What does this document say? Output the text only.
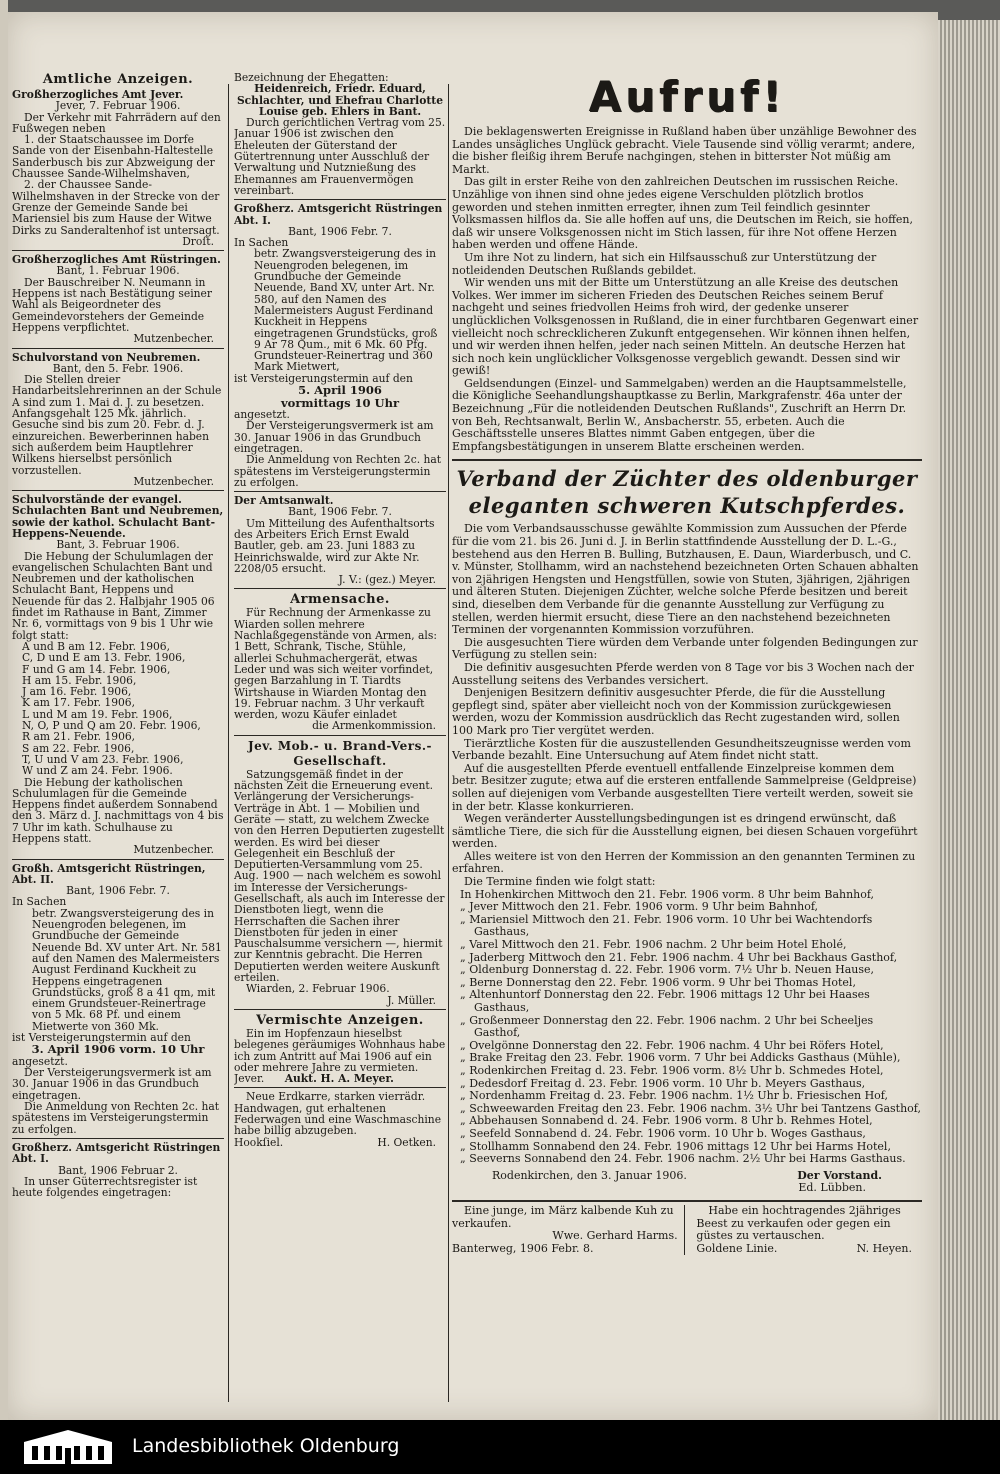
Amtliche Anzeigen.

Großherzogliches Amt Jever.

Jever, 7. Februar 1906.

Der Verkehr mit Fahrrädern auf den Fußwegen neben

1. der Staatschaussee im Dorfe Sande von der Eisenbahn-Haltestelle Sanderbusch bis zur Abzweigung der Chaussee Sande-Wilhelmshaven,

2. der Chaussee Sande-Wilhelmshaven in der Strecke von der Grenze der Gemeinde Sande bei Mariensiel bis zum Hause der Witwe Dirks zu Sanderaltenhof ist untersagt.

Droſt.

Großherzogliches Amt Rüstringen.

Bant, 1. Februar 1906.

Der Bauschreiber N. Neumann in Heppens ist nach Bestätigung seiner Wahl als Beigeordneter des Gemeindevorstehers der Gemeinde Heppens verpflichtet.

Mutzenbecher.

Schulvorstand von Neubremen.

Bant, den 5. Febr. 1906.

Die Stellen dreier Handarbeitslehrerinnen an der Schule A sind zum 1. Mai d. J. zu besetzen. Anfangsgehalt 125 Mk. jährlich. Gesuche sind bis zum 20. Febr. d. J. einzureichen. Bewerberinnen haben sich außerdem beim Hauptlehrer Wilkens hierselbst persönlich vorzustellen.

Mutzenbecher.

Schulvorstände der evangel. Schulachten Bant und Neubremen, sowie der kathol. Schulacht Bant-Heppens-Neuende.

Bant, 3. Februar 1906.

Die Hebung der Schulumlagen der evangelischen Schulachten Bant und Neubremen und der katholischen Schulacht Bant, Heppens und Neuende für das 2. Halbjahr 1905 06 findet im Rathause in Bant, Zimmer Nr. 6, vormittags von 9 bis 1 Uhr wie folgt statt:

A und B am 12. Febr. 1906,

C, D und E am 13. Febr. 1906,

F und G am 14. Febr. 1906,

H am 15. Febr. 1906,

J am 16. Febr. 1906,

K am 17. Febr. 1906,

L und M am 19. Febr. 1906,

N, O, P und Q am 20. Febr. 1906,

R am 21. Febr. 1906,

S am 22. Febr. 1906,

T, U und V am 23. Febr. 1906,

W und Z am 24. Febr. 1906.

Die Hebung der katholischen Schulumlagen für die Gemeinde Heppens findet außerdem Sonnabend den 3. März d. J. nachmittags von 4 bis 7 Uhr im kath. Schulhause zu Heppens statt.

Mutzenbecher.

Großh. Amtsgericht Rüstringen, Abt. II.

Bant, 1906 Febr. 7.

In Sachen

betr. Zwangsversteigerung des in Neuengroden belegenen, im Grundbuche der Gemeinde Neuende Bd. XV unter Art. Nr. 581 auf den Namen des Malermeisters August Ferdinand Kuckheit zu Heppens eingetragenen Grundstücks, groß 8 a 41 qm, mit einem Grundsteuer-Reinertrage von 5 Mk. 68 Pf. und einem Mietwerte von 360 Mk.

ist Versteigerungstermin auf den

3. April 1906 vorm. 10 Uhr

angesetzt.

Der Versteigerungsvermerk ist am 30. Januar 1906 in das Grundbuch eingetragen.

Die Anmeldung von Rechten 2c. hat spätestens im Versteigerungstermin zu erfolgen.

Großherz. Amtsgericht Rüstringen Abt. I.

Bant, 1906 Februar 2.

In unser Güterrechtsregister ist heute folgendes eingetragen:

Bezeichnung der Ehegatten:

Heidenreich, Friedr. Eduard, Schlachter, und Ehefrau Charlotte Louise geb. Ehlers in Bant.

Durch gerichtlichen Vertrag vom 25. Januar 1906 ist zwischen den Eheleuten der Güterstand der Gütertrennung unter Ausschluß der Verwaltung und Nutznießung des Ehemannes am Frauenvermögen vereinbart.

Großherz. Amtsgericht Rüstringen Abt. I.

Bant, 1906 Febr. 7.

In Sachen

betr. Zwangsversteigerung des in Neuengroden belegenen, im Grundbuche der Gemeinde Neuende, Band XV, unter Art. Nr. 580, auf den Namen des Malermeisters August Ferdinand Kuckheit in Heppens eingetragenen Grundstücks, groß 9 Ar 78 Qum., mit 6 Mk. 60 Pfg. Grundsteuer-Reinertrag und 360 Mark Mietwert,

ist Versteigerungstermin auf den

5. April 1906

vormittags 10 Uhr

angesetzt.

Der Versteigerungsvermerk ist am 30. Januar 1906 in das Grundbuch eingetragen.

Die Anmeldung von Rechten 2c. hat spätestens im Versteigerungstermin zu erfolgen.

Der Amtsanwalt.

Bant, 1906 Febr. 7.

Um Mitteilung des Aufenthaltsorts des Arbeiters Erich Ernst Ewald Bautler, geb. am 23. Juni 1883 zu Heinrichswalde, wird zur Akte Nr. 2208/05 ersucht.

J. V.: (gez.) Meyer.

Armensache.

Für Rechnung der Armenkasse zu Wiarden sollen mehrere Nachlaßgegenstände von Armen, als: 1 Bett, Schrank, Tische, Stühle, allerlei Schuhmachergerät, etwas Leder und was sich weiter vorfindet, gegen Barzahlung in T. Tiardts Wirtshause in Wiarden Montag den 19. Februar nachm. 3 Uhr verkauft werden, wozu Käufer einladet

die Armenkommission.

Jev. Mob.- u. Brand-Vers.-Gesellschaft.

Satzungsgemäß findet in der nächsten Zeit die Erneuerung event. Verlängerung der Versicherungs-Verträge in Abt. 1 — Mobilien und Geräte — statt, zu welchem Zwecke von den Herren Deputierten zugestellt werden. Es wird bei dieser Gelegenheit ein Beschluß der Deputierten-Versammlung vom 25. Aug. 1900 — nach welchem es sowohl im Interesse der Versicherungs-Gesellschaft, als auch im Interesse der Dienstboten liegt, wenn die Herrschaften die Sachen ihrer Dienstboten für jeden in einer Pauschalsumme versichern —, hiermit zur Kenntnis gebracht. Die Herren Deputierten werden weitere Auskunft erteilen.

Wiarden, 2. Februar 1906.

J. Müller.

Vermischte Anzeigen.

Ein im Hopfenzaun hieselbst belegenes geräumiges Wohnhaus habe ich zum Antritt auf Mai 1906 auf ein oder mehrere Jahre zu vermieten.

Jever. Aukt. H. A. Meyer.

Neue Erdkarre, starken vierrädr. Handwagen, gut erhaltenen Federwagen und eine Waschmaschine habe billig abzugeben.

Hookſiel.	H. Oetken.

Aufruf!

Die beklagenswerten Ereignisse in Rußland haben über unzählige Bewohner des Landes unsägliches Unglück gebracht. Viele Tausende sind völlig verarmt; andere, die bisher fleißig ihrem Berufe nachgingen, stehen in bitterster Not müßig am Markt.

Das gilt in erster Reihe von den zahlreichen Deutschen im russischen Reiche. Unzählige von ihnen sind ohne jedes eigene Verschulden plötzlich brotlos geworden und stehen inmitten erregter, ihnen zum Teil feindlich gesinnter Volksmassen hilflos da. Sie alle hoffen auf uns, die Deutschen im Reich, sie hoffen, daß wir unsere Volksgenossen nicht im Stich lassen, für ihre Not offene Herzen haben werden und offene Hände.

Um ihre Not zu lindern, hat sich ein Hilfsausschuß zur Unterstützung der notleidenden Deutschen Rußlands gebildet.

Wir wenden uns mit der Bitte um Unterstützung an alle Kreise des deutschen Volkes. Wer immer im sicheren Frieden des Deutschen Reiches seinem Beruf nachgeht und seines friedvollen Heims froh wird, der gedenke unserer unglücklichen Volksgenossen in Rußland, die in einer furchtbaren Gegenwart einer vielleicht noch schrecklicheren Zukunft entgegensehen. Wir können ihnen helfen, und wir werden ihnen helfen, jeder nach seinen Mitteln. An deutsche Herzen hat sich noch kein unglücklicher Volksgenosse vergeblich gewandt. Dessen sind wir gewiß!

Geldsendungen (Einzel- und Sammelgaben) werden an die Hauptsammelstelle, die Königliche Seehandlungshauptkasse zu Berlin, Markgrafenstr. 46a unter der Bezeichnung „Für die notleidenden Deutschen Rußlands", Zuschrift an Herrn Dr. von Beh, Rechtsanwalt, Berlin W., Ansbacherstr. 55, erbeten. Auch die Geschäftsstelle unseres Blattes nimmt Gaben entgegen, über die Empfangsbestätigungen in unserem Blatte erscheinen werden.

Verband der Züchter des oldenburger
eleganten schweren Kutschpferdes.

Die vom Verbandsausschusse gewählte Kommission zum Aussuchen der Pferde für die vom 21. bis 26. Juni d. J. in Berlin stattfindende Ausstellung der D. L.-G., bestehend aus den Herren B. Bulling, Butzhausen, E. Daun, Wiarderbusch, und C. v. Münster, Stollhamm, wird an nachstehend bezeichneten Orten Schauen abhalten von 2jährigen Hengsten und Hengstfüllen, sowie von Stuten, 3jährigen, 2jährigen und älteren Stuten. Diejenigen Züchter, welche solche Pferde besitzen und bereit sind, dieselben dem Verbande für die genannte Ausstellung zur Verfügung zu stellen, werden hiermit ersucht, diese Tiere an den nachstehend bezeichneten Terminen der vorgenannten Kommission vorzuführen.

Die ausgesuchten Tiere würden dem Verbande unter folgenden Bedingungen zur Verfügung zu stellen sein:

Die definitiv ausgesuchten Pferde werden von 8 Tage vor bis 3 Wochen nach der Ausstellung seitens des Verbandes versichert.

Denjenigen Besitzern definitiv ausgesuchter Pferde, die für die Ausstellung gepflegt sind, später aber vielleicht noch von der Kommission zurückgewiesen werden, wozu der Kommission ausdrücklich das Recht zugestanden wird, sollen 100 Mark pro Tier vergütet werden.

Tierärztliche Kosten für die auszustellenden Gesundheitszeugnisse werden vom Verbande bezahlt. Eine Untersuchung auf Atem findet nicht statt.

Auf die ausgestellten Pferde eventuell entfallende Einzelpreise kommen dem betr. Besitzer zugute; etwa auf die ersteren entfallende Sammelpreise (Geldpreise) sollen auf diejenigen vom Verbande ausgestellten Tiere verteilt werden, soweit sie in der betr. Klasse konkurrieren.

Wegen veränderter Ausstellungsbedingungen ist es dringend erwünscht, daß sämtliche Tiere, die sich für die Ausstellung eignen, bei diesen Schauen vorgeführt werden.

Alles weitere ist von den Herren der Kommission an den genannten Terminen zu erfahren.

Die Termine finden wie folgt statt:

In Hohenkirchen Mittwoch den 21. Febr. 1906 vorm. 8 Uhr beim Bahnhof,

„ Jever Mittwoch den 21. Febr. 1906 vorm. 9 Uhr beim Bahnhof,

„ Mariensiel Mittwoch den 21. Febr. 1906 vorm. 10 Uhr bei Wachtendorfs Gasthaus,

„ Varel Mittwoch den 21. Febr. 1906 nachm. 2 Uhr beim Hotel Eholé,

„ Jaderberg Mittwoch den 21. Febr. 1906 nachm. 4 Uhr bei Backhaus Gasthof,

„ Oldenburg Donnerstag d. 22. Febr. 1906 vorm. 7½ Uhr b. Neuen Hause,

„ Berne Donnerstag den 22. Febr. 1906 vorm. 9 Uhr bei Thomas Hotel,

„ Altenhuntorf Donnerstag den 22. Febr. 1906 mittags 12 Uhr bei Haases Gasthaus,

„ Großenmeer Donnerstag den 22. Febr. 1906 nachm. 2 Uhr bei Scheeljes Gasthof,

„ Ovelgönne Donnerstag den 22. Febr. 1906 nachm. 4 Uhr bei Röfers Hotel,

„ Brake Freitag den 23. Febr. 1906 vorm. 7 Uhr bei Addicks Gasthaus (Mühle),

„ Rodenkirchen Freitag d. 23. Febr. 1906 vorm. 8½ Uhr b. Schmedes Hotel,

„ Dedesdorf Freitag d. 23. Febr. 1906 vorm. 10 Uhr b. Meyers Gasthaus,

„ Nordenhamm Freitag d. 23. Febr. 1906 nachm. 1½ Uhr b. Friesischen Hof,

„ Schweewarden Freitag den 23. Febr. 1906 nachm. 3½ Uhr bei Tantzens Gasthof,

„ Abbehausen Sonnabend d. 24. Febr. 1906 vorm. 8 Uhr b. Rehmes Hotel,

„ Seefeld Sonnabend d. 24. Febr. 1906 vorm. 10 Uhr b. Woges Gasthaus,

„ Stollhamm Sonnabend den 24. Febr. 1906 mittags 12 Uhr bei Harms Hotel,

„ Seeverns Sonnabend den 24. Febr. 1906 nachm. 2½ Uhr bei Harms Gasthaus.

Rodenkirchen, den 3. Januar 1906.	Der Vorstand.

Ed. Lübben.

Eine junge, im März kalbende Kuh zu verkaufen.

Wwe. Gerhard Harms.

Banterweg, 1906 Febr. 8.

Habe ein hochtragendes 2jähriges Beest zu verkaufen oder gegen ein güstes zu vertauschen.

Goldene Linie.	N. Heyen.

Landesbibliothek Oldenburg
